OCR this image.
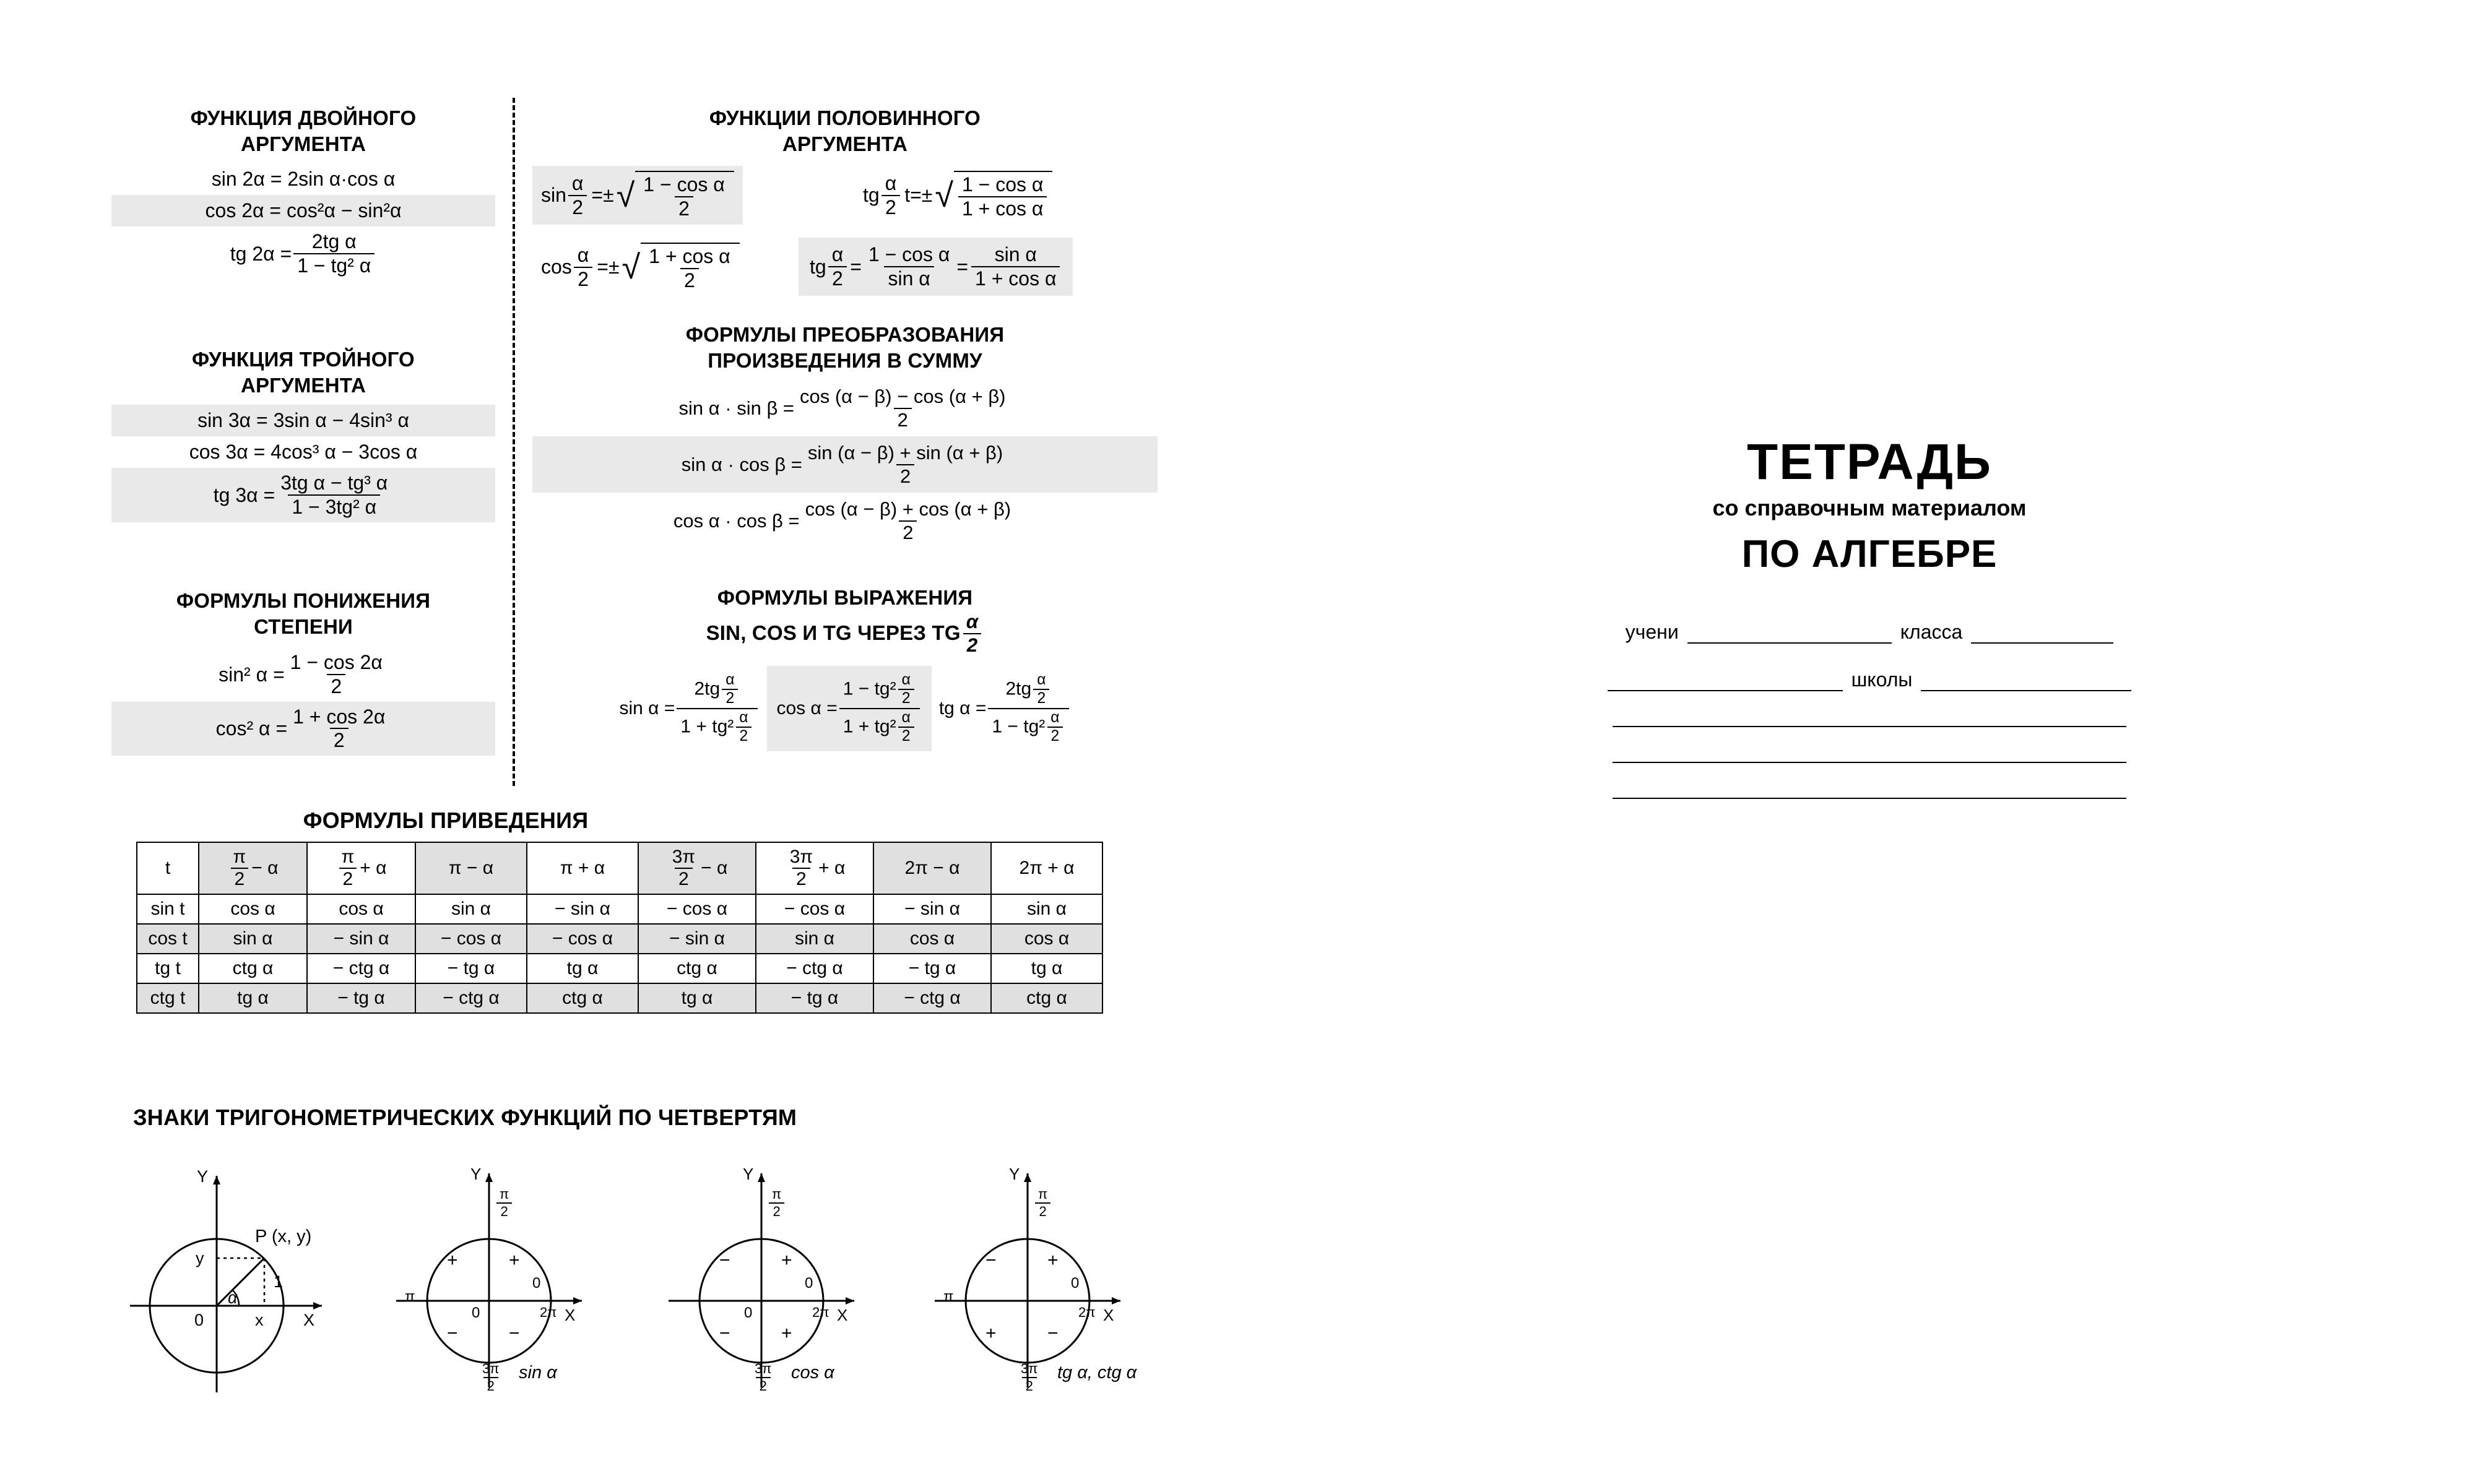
ФУНКЦИЯ ДВОЙНОГО
АРГУМЕНТА
sin 2α = 2sin α·cos α
cos 2α = cos²α − sin²α
tg $2\alpha = \frac{\text{2tg α}}{\text{1 − tg² α}}$
ФУНКЦИЯ ТРОЙНОГО
АРГУМЕНТА
sin 3α = 3sin α − 4sin³ α
cos 3α = 4cos³ α − 3cos α
tg $3\alpha = \frac{\text{3tg α − tg³ α}}{\text{1 − 3tg² α}}$
ФОРМУЛЫ ПОНИЖЕНИЯ
СТЕПЕНИ
sin² $\alpha = \frac{1 - \cos 2\alpha}{2}$
cos² $\alpha = \frac{1 + \cos 2\alpha}{2}$
ФУНКЦИИ ПОЛОВИННОГО
АРГУМЕНТА
$\sin \frac{\alpha}{2}$ =± √ $\frac{\text{1 − cos α}}{2}$	tg $\frac{\alpha}{2} t=\pm$ √ $\frac{\text{1 − cos α}}{\text{1 + cos α}}$
$\cos \frac{\alpha}{2}$ =± √ $\frac{\text{1 + cos α}}{2}$	tg $\frac{\alpha}{2} = \frac{\text{1 − cos α}}{\text{sin α}} = \frac{\text{sin α}}{\text{1 + cos α}}$
ФОРМУЛЫ ПРЕОБРАЗОВАНИЯ
ПРОИЗВЕДЕНИЯ В СУММУ
$\sin \alpha \cdot \sin \beta = \frac{\cos (\alpha - \beta) - \cos (\alpha + \beta)}{2}$
$\sin \alpha \cdot \cos \beta = \frac{\sin (\alpha - \beta) + \sin (\alpha + \beta)}{2}$
$\cos \alpha \cdot \cos \beta = \frac{\cos (\alpha - \beta) + \cos (\alpha + \beta)}{2}$
ФОРМУЛЫ ВЫРАЖЕНИЯ
SIN, COS И TG ЧЕРЕЗ TG $\frac{\alpha}{2}$
$\sin \alpha = \frac{2tg \frac{\alpha}{2}}{1 + tg^2 \frac{\alpha}{2}}$ $\cos \alpha = \frac{1 - tg^2 \frac{\alpha}{2}}{1 + tg^2 \frac{\alpha}{2}}$ tg $\alpha = \frac{2tg \frac{\alpha}{2}}{1 - tg^2 \frac{\alpha}{2}}$
ФОРМУЛЫ ПРИВЕДЕНИЯ
t	$\frac{\pi}{2} - \alpha$	$\frac{\pi}{2} + \alpha$	π − α	π + α	$\frac{3\pi}{2} - \alpha$	$\frac{3\pi}{2} + \alpha$	2π − α	2π + α
sin t	cos α	cos α	sin α	− sin α	− cos α	− cos α	− sin α	sin α
cos t	sin α	− sin α	− cos α	− cos α	− sin α	sin α	cos α	cos α
tg t	ctg α	− ctg α	− tg α	tg α	ctg α	− ctg α	− tg α	tg α
ctg t	tg α	− tg α	− ctg α	ctg α	tg α	− tg α	− ctg α	ctg α
ЗНАКИ ТРИГОНОМЕТРИЧЕСКИХ ФУНКЦИЙ ПО ЧЕТВЕРТЯМ
Y
X
0
P (x, y)
y
x
1
α
Y
X
$\frac{\pi}{2}$
π
0
2π
0
$\frac{3\pi}{2}$
+	+
−	−
sin α
Y
X
$\frac{\pi}{2}$
0
2π
0
$\frac{3\pi}{2}$
−	+
−	+
cos α
Y
X
$\frac{\pi}{2}$
π
0
2π
$\frac{3\pi}{2}$
−	+
+	−
tg α, ctg α
ТЕТРАДЬ
со справочным материалом
ПО АЛГЕБРЕ
учени
	класса

школы
